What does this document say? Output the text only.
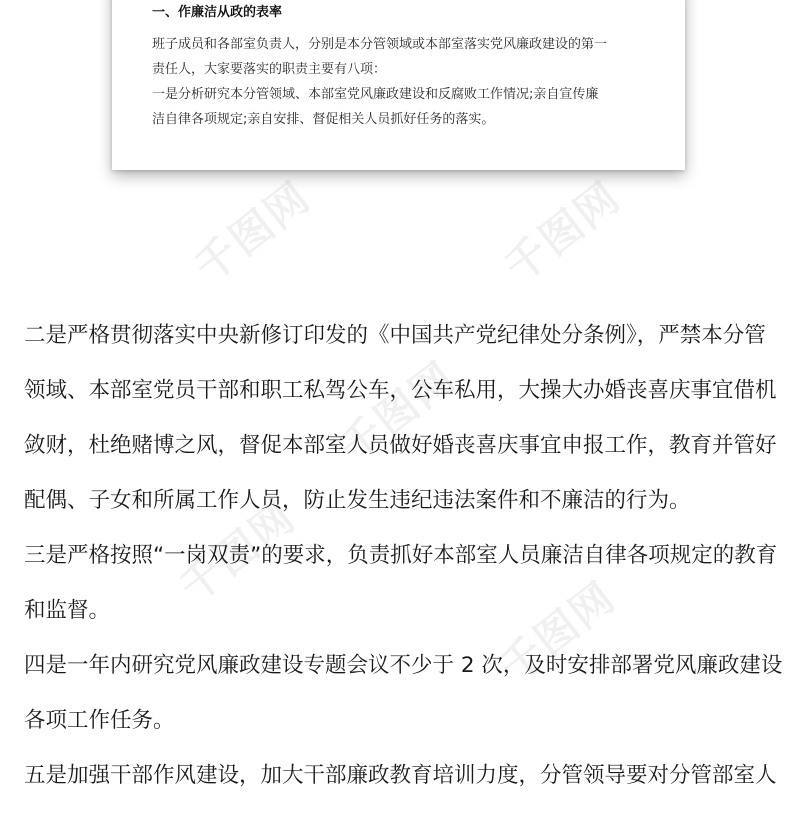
一、作廉洁从政的表率

班子成员和各部室负责人，分别是本分管领域或本部室落实党风廉政建设的第一

责任人，大家要落实的职责主要有八项：

一是分析研究本分管领域、本部室党风廉政建设和反腐败工作情况;亲自宣传廉

洁自律各项规定;亲自安排、督促相关人员抓好任务的落实。

二是严格贯彻落实中央新修订印发的《中国共产党纪律处分条例》，严禁本分管

领域、本部室党员干部和职工私驾公车，公车私用，大操大办婚丧喜庆事宜借机

敛财，杜绝赌博之风，督促本部室人员做好婚丧喜庆事宜申报工作，教育并管好

配偶、子女和所属工作人员，防止发生违纪违法案件和不廉洁的行为。

三是严格按照“一岗双责”的要求，负责抓好本部室人员廉洁自律各项规定的教育

和监督。

四是一年内研究党风廉政建设专题会议不少于 2 次，及时安排部署党风廉政建设

各项工作任务。

五是加强干部作风建设，加大干部廉政教育培训力度，分管领导要对分管部室人

千图网	千图网
千图网
千图网
千图网
